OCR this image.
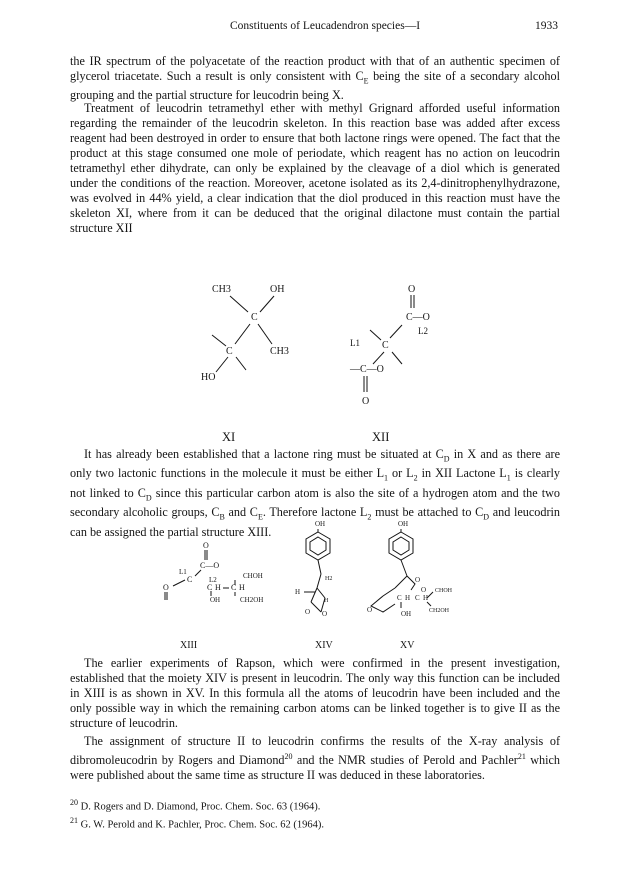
Constituents of Leucadendron species—I	1933

the IR spectrum of the polyacetate of the reaction product with that of an authentic specimen of glycerol triacetate. Such a result is only consistent with $C_E$ being the site of a secondary alcohol grouping and the partial structure for leucodrin being X.

Treatment of leucodrin tetramethyl ether with methyl Grignard afforded useful information regarding the remainder of the leucodrin skeleton. In this reaction base was added after excess reagent had been destroyed in order to ensure that both lactone rings were opened. The fact that the product at this stage consumed one mole of periodate, which reagent has no action on leucodrin tetramethyl ether dihydrate, can only be explained by the cleavage of a diol which is generated under the conditions of the reaction. Moreover, acetone isolated as its 2,4-dinitrophenylhydrazone, was evolved in 44% yield, a clear indication that the diol produced in this reaction must have the skeleton XI, where from it can be deduced that the original dilactone must contain the partial structure XII

CH3	OH
C
C	CH3
HO
O
C—O
L2
L1 C
—C—O
O
XI	XII

It has already been established that a lactone ring must be situated at $C_D$ in X and as there are only two lactonic functions in the molecule it must be either $L_1$ or $L_2$ in XII Lactone $L_1$ is clearly not linked to $C_D$ since this particular carbon atom is also the site of a hydrogen atom and the two secondary alcoholic groups, $C_B$ and $C_E$. Therefore lactone $L_2$ must be attached to $C_D$ and leucodrin can be assigned the partial structure XIII.

O
C—O
L1
C L2
O	C H C H
CHOH
OH	CH2OH
OH
H2
H
H
O O
OH
O
O
O
C H C H
CHOH
OH	CH2OH
XIII	XIV	XV

The earlier experiments of Rapson, which were confirmed in the present investigation, established that the moiety XIV is present in leucodrin. The only way this function can be included in XIII is as shown in XV. In this formula all the atoms of leucodrin have been included and the only possible way in which the remaining carbon atoms can be linked together is to give II as the structure of leucodrin.

The assignment of structure II to leucodrin confirms the results of the X-ray analysis of dibromoleucodrin by Rogers and Diamond$^{20}$ and the NMR studies of Perold and Pachler$^{21}$ which were published about the same time as structure II was deduced in these laboratories.

$^{20}$ D. Rogers and D. Diamond, Proc. Chem. Soc. 63 (1964).

$^{21}$ G. W. Perold and K. Pachler, Proc. Chem. Soc. 62 (1964).
